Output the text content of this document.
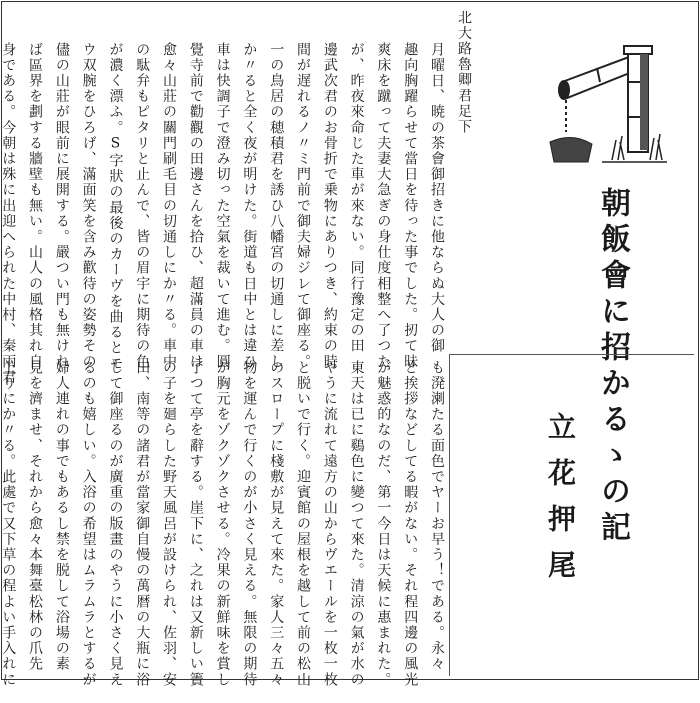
朝飯會に招かるゝの記
立花押尾
北大路魯卿君足下
月曜日、暁の茶會御招きに他ならぬ大人の御
趣向胸躍らせて當日を待った事でした。扨て昧
爽床を蹴って夫妻大急ぎの身仕度相整へ了つた
が、昨夜來命じた車が來ない。同行豫定の田
邊武次君のお骨折で乗物にありつき、約束の時
間が遅れるノ〃ミ門前で御夫婦ジレて御座る。
一の鳥居の穂積君を誘ひ八幡宮の切通しに差し
か〃ると全く夜が明けた。街道も日中とは違ひ
車は快調子で澄み切った空氣を裁いて進む。圓
覺寺前で勸觀の田邊さんを拾ひ、超滿員の車は
愈々山莊の關門刷毛目の切通しにか〃る。車中
の駄弁もピタリと止んで、皆の眉宇に期待の色
が濃く漂ふ。S字狀の最後のカーヴを曲るとモ
ウ双腕をひろげ、滿面笑を含み歡待の姿勢その
儘の山莊が眼前に展開する。嚴つい門も無けれ
ば區界を劃する牆壁も無い。山人の風格其れ自
身である。今朝は殊に出迎へられた中村、秦兩君
も溌溂たる面色でヤーお早う！である。永々
と挨拶などしてる暇がない。それ程四邊の風光
が魅惑的なのだ、第一今日は天候に惠まれた。
東天は已に鷄色に變つて來た。清涼の氣が水の
やうに流れて遠方の山からヴエールを一枚一枚
と脱いで行く。迎賓館の屋根を越して前の松山
のスロープに棧敷が見えて來た。家人三々五々
物を運んで行くのが小さく見える。無限の期待
が胸元をゾクゾクさせる。冷果の新鮮味を賞し
了つて亭を辭する。崖下に、之れは又新しい簀
の子を廻らした野天風呂が設けられ、佐羽、安
田、南等の諸君が當家御自慢の萬暦の大瓶に浴
して御座るのが廣重の版畫のやうに小さく見え
るのも嬉しい。入浴の希望はムラムラとするが
婦人連れの事でもあるし禁を脱して浴場の素
見を濟ませ、それから愈々本舞臺松林の爪先
上りにか〃る。此處で又下草の程よい手入れに
